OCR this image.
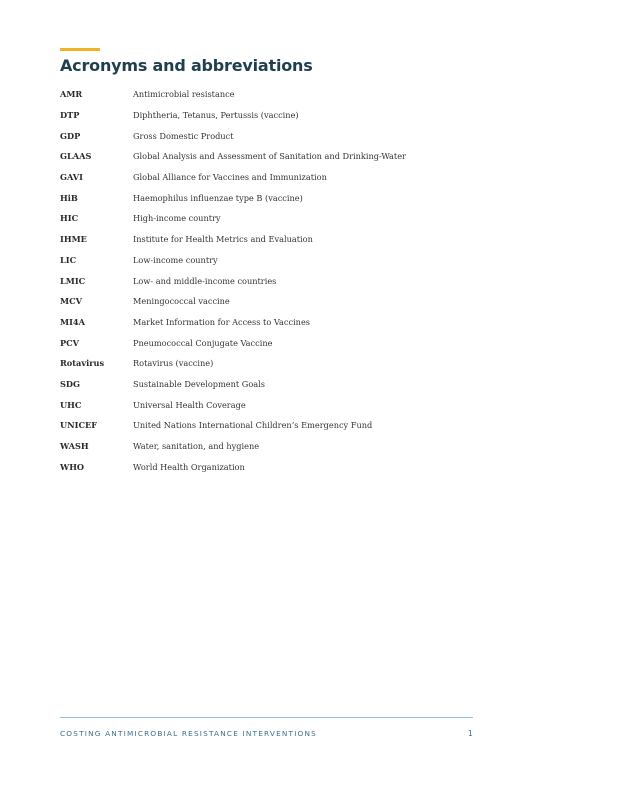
Acronyms and abbreviations
AMR	Antimicrobial resistance
DTP	Diphtheria, Tetanus, Pertussis (vaccine)
GDP	Gross Domestic Product
GLAAS	Global Analysis and Assessment of Sanitation and Drinking-Water
GAVI	Global Alliance for Vaccines and Immunization
HiB	Haemophilus influenzae type B (vaccine)
HIC	High-income country
IHME	Institute for Health Metrics and Evaluation
LIC	Low-income country
LMIC	Low- and middle-income countries
MCV	Meningococcal vaccine
MI4A	Market Information for Access to Vaccines
PCV	Pneumococcal Conjugate Vaccine
Rotavirus	Rotavirus (vaccine)
SDG	Sustainable Development Goals
UHC	Universal Health Coverage
UNICEF	United Nations International Children’s Emergency Fund
WASH	Water, sanitation, and hygiene
WHO	World Health Organization
COSTING ANTIMICROBIAL RESISTANCE INTERVENTIONS	1
